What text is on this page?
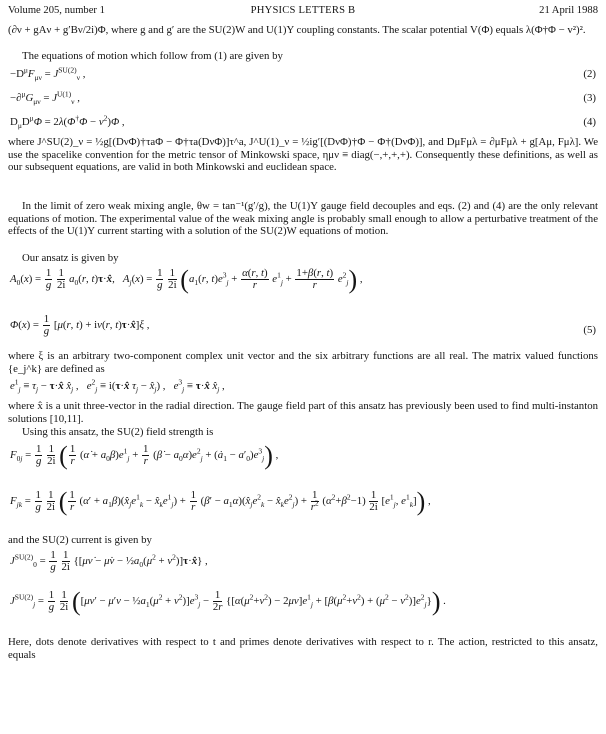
Volume 205, number 1	PHYSICS LETTERS B	21 April 1988
(∂ν + gAν + g′Bν/2i)Φ, where g and g′ are the SU(2)W and U(1)Y coupling constants. The scalar potential V(Φ) equals λ(Φ†Φ − v²)².
The equations of motion which follow from (1) are given by
$-D^\mu F_{\mu\nu} = J^{SU(2)}_\nu$ ,	(2)
$-\partial^\mu G_{\mu\nu} = J^{U(1)}_\nu$ ,	(3)
$D_\mu D^\mu\Phi = 2\lambda(\Phi^\dagger\Phi - v^2)\Phi$ ,	(4)
where J^SU(2)_ν = ½g[(DνΦ)†τaΦ − Φ†τa(DνΦ)]τ^a, J^U(1)_ν = ½ig′[(DνΦ)†Φ − Φ†(DνΦ)], and DμFμλ = ∂μFμλ + g[Aμ, Fμλ]. We use the spacelike convention for the metric tensor of Minkowski space, ημν ≡ diag(−,+,+,+). Consequently these definitions, as well as our subsequent equations, are valid in both Minkowski and euclidean space.
In the limit of zero weak mixing angle, θw = tan⁻¹(g′/g), the U(1)Y gauge field decouples and eqs. (2) and (4) are the only relevant equations of motion. The experimental value of the weak mixing angle is probably small enough to allow a perturbative treatment of the effects of the U(1)Y current starting with a solution of the SU(2)W equations of motion.
Our ansatz is given by
$A_0(x) = \frac{1}{g}$
$\frac{1}{2i} a_0(r$, t)τ·x̂,   $A_j(x) = \frac{1}{g}$
$\frac{1}{2i} (a_1(r$, $t)e^3_j + \frac{\alpha(r, t)}{r} e^1_j + \frac{1+\beta(r, t)}{r} e^2_j$) ,
$\Phi(x) = \frac{1}{g} [\mu(r$, t) + iν(r, t)τ·x̂]ξ ,	(5)
where ξ is an arbitrary two-component complex unit vector and the six arbitrary functions are all real. The matrix valued functions {e_j^k} are defined as
$e^1_j \equiv \tau_j$ − τ·x̂ $x̂_j$ ,   $e^2_j$ ≡ i(τ·x̂ $\tau_j$ − $x̂_j$) ,   $e^3_j$ ≡ τ·x̂ $x̂_j$ ,
where x̂ is a unit three-vector in the radial direction. The gauge field part of this ansatz has previously been used to find multi-instanton solutions [10,11].
Using this ansatz, the SU(2) field strength is
$F_{0j} = \frac{1}{g}$
$\frac{1}{2i}$ ( $\frac{1}{r}$ (α̇ + $a_0\beta)e^1_j + \frac{1}{r}$ (β̇ − $a_0\alpha)e^2_j$ + $(ȧ_1 - a'_0)e^3_j$) ,
$F_{jk} = \frac{1}{g}$
$\frac{1}{2i}$ ( $\frac{1}{r} (\alpha'$ + $a_1\beta)(x̂_je^1_k$ − $x̂_ke^1_j) + \frac{1}{r} (\beta'$ − $a_1\alpha)(x̂_je^2_k$ − $x̂_ke^2_j) + \frac{1}{r^2} (\alpha^2+\beta^2-1) \frac{1}{2i} [e^1_j$, $e^1_k$]) ,
and the SU(2) current is given by
$J^{SU(2)}_0 = \frac{1}{g}$
$\frac{1}{2i}$ {[μν̇ − μ̇ν − $\frac{1}{2}a_0(\mu^2$ + $\nu^2)]\tau\cdot x̂$} ,
$J^{SU(2)}_j = \frac{1}{g}$
$\frac{1}{2i} ([\mu\nu' - \mu'\nu$ − $\frac{1}{2}a_1(\mu^2 + \nu^2)]e^3_j - \frac{1}{2r} \{[\alpha(\mu^2+\nu^2) - 2\mu\nu]e^1_j + [\beta(\mu^2+\nu^2) + (\mu^2 - \nu^2)]e^2_j\}$) .
Here, dots denote derivatives with respect to t and primes denote derivatives with respect to r. The action, restricted to this ansatz, equals
